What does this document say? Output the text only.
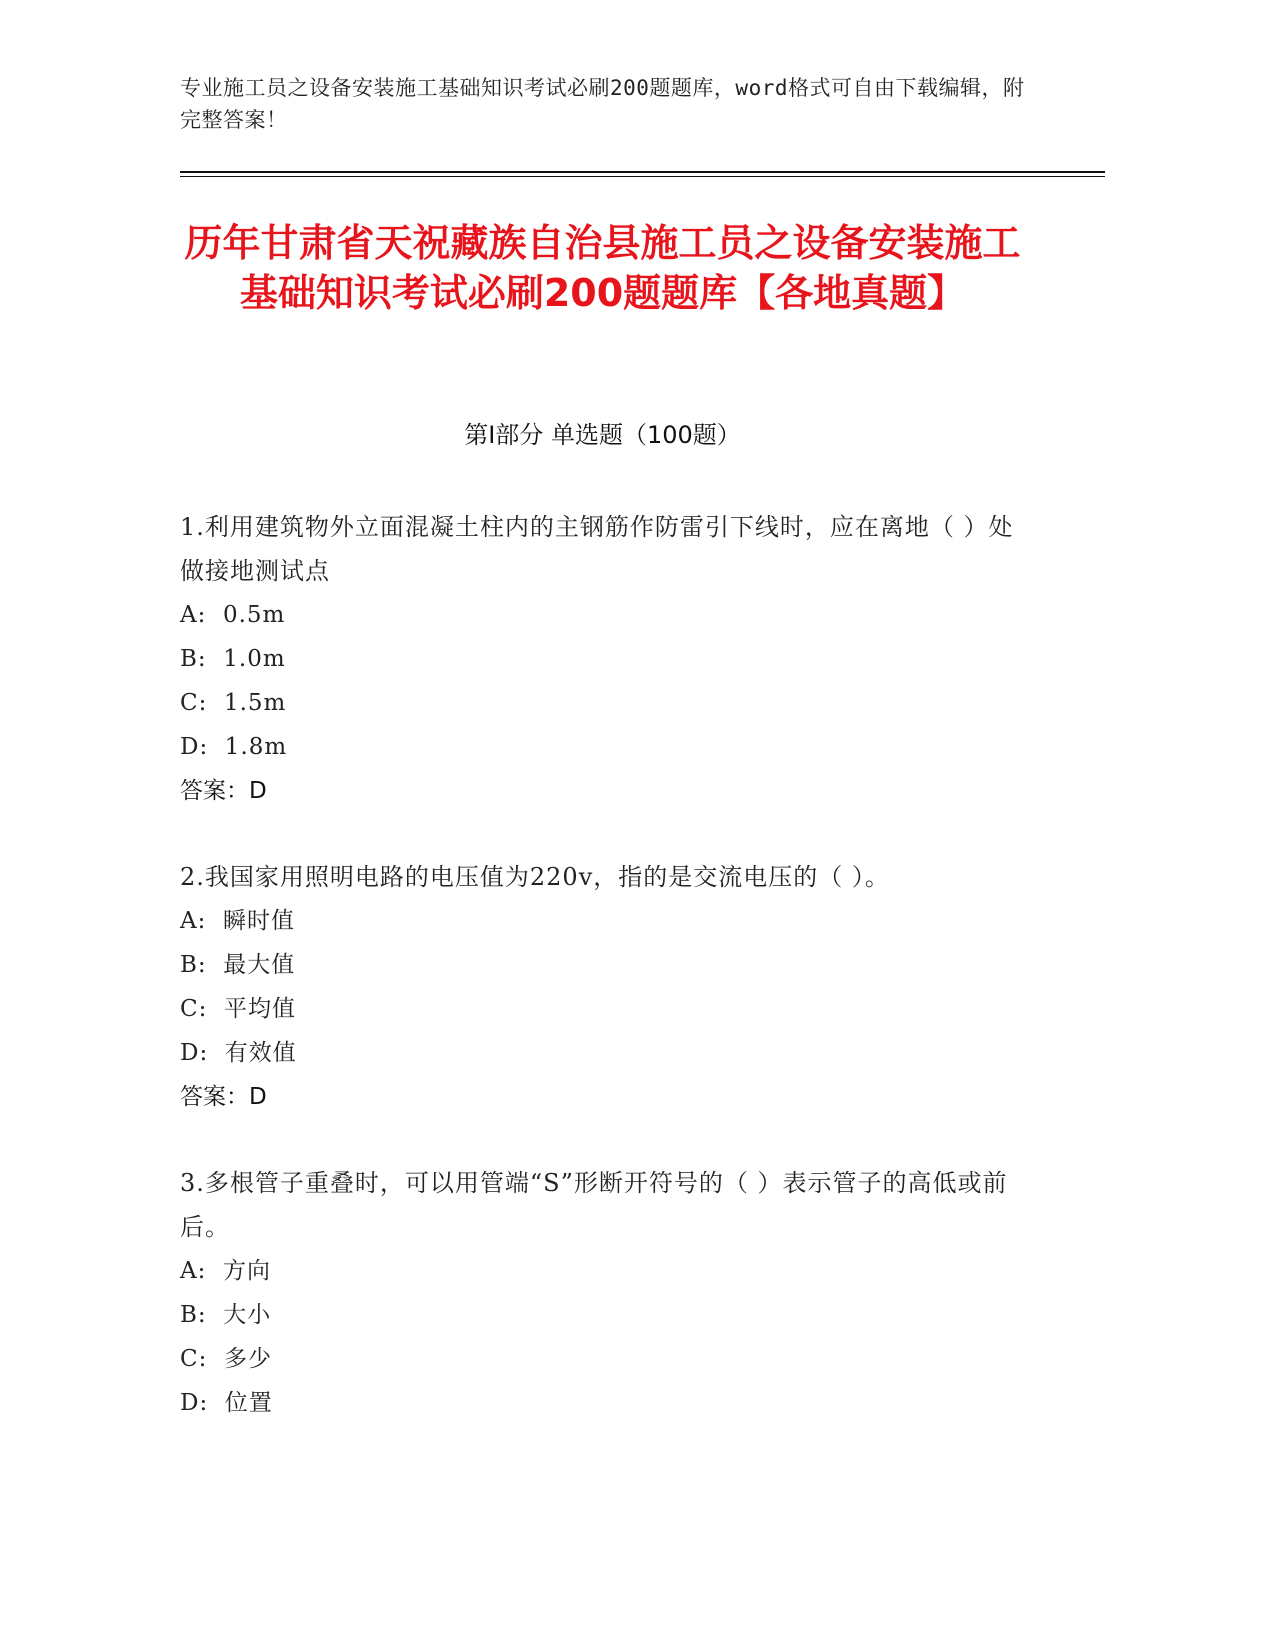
专业施工员之设备安装施工基础知识考试必刷200题题库，word格式可自由下载编辑，附完整答案！
历年甘肃省天祝藏族自治县施工员之设备安装施工基础知识考试必刷200题题库【各地真题】
第Ⅰ部分 单选题（100题）
1.利用建筑物外立面混凝土柱内的主钢筋作防雷引下线时，应在离地（ ）处做接地测试点
A:  0.5m
B:  1.0m
C:  1.5m
D:  1.8m
答案：D
2.我国家用照明电路的电压值为220v，指的是交流电压的（ ）。
A:  瞬时值
B:  最大值
C:  平均值
D:  有效值
答案：D
3.多根管子重叠时，可以用管端“S”形断开符号的（ ）表示管子的高低或前后。
A:  方向
B:  大小
C:  多少
D:  位置
